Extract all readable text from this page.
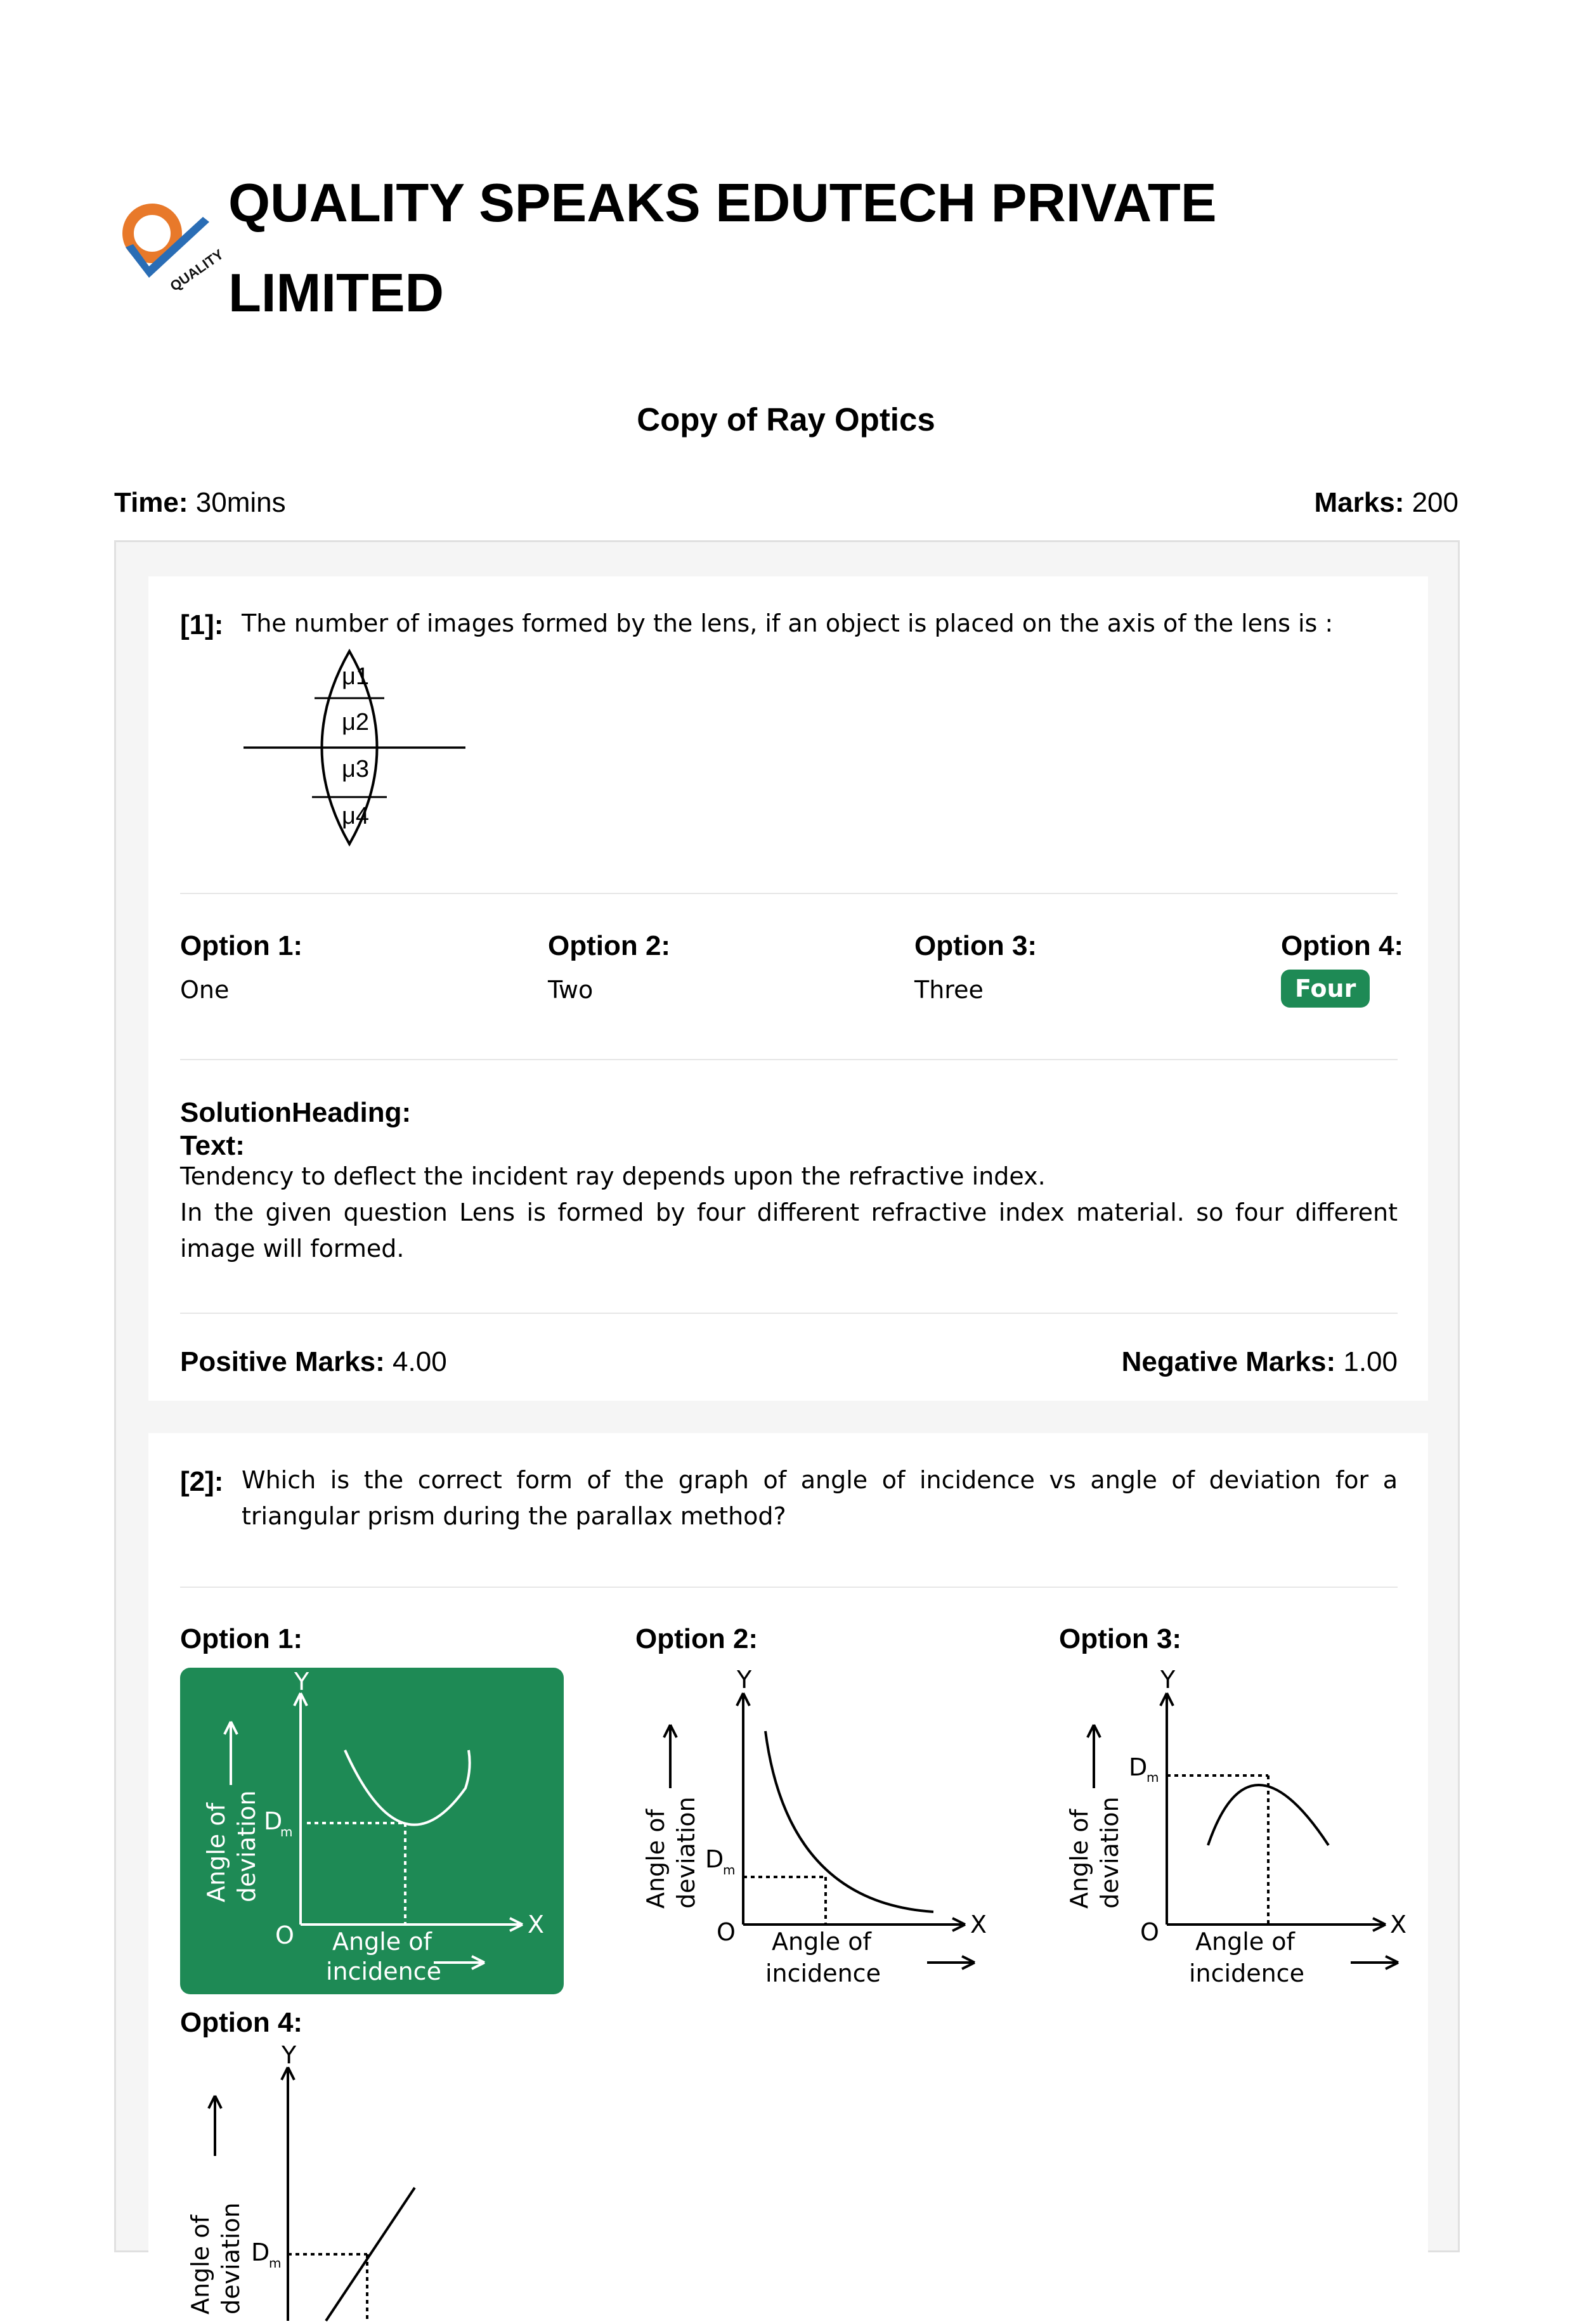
QUALITY
QUALITY SPEAKS EDUTECH PRIVATE
LIMITED
Copy of Ray Optics
Time: 30mins	Marks: 200
[1]: The number of images formed by the lens, if an object is placed on the axis of the lens is :
μ1
μ2
μ3
μ4
Option 1:
One
Option 2:
Two
Option 3:
Three
Option 4:
Four
SolutionHeading:
Text:
Tendency to deflect the incident ray depends upon the refractive index.
In the given question Lens is formed by four different refractive index material. so four different image will formed.
Positive Marks: 4.00	Negative Marks: 1.00
[2]: Which is the correct form of the graph of angle of incidence vs angle of deviation for a triangular prism during the parallax method?
Option 1:	Option 2:	Option 3:
Option 4:
Y
X
O
D
m
Angle of
incidence
Angle of deviation
Y
X
O
D
m
Angle of
incidence
Angle of deviation
Y
X
O
D
m
Angle of
incidence
Angle of deviation
Y
D
m
Angle of deviation
